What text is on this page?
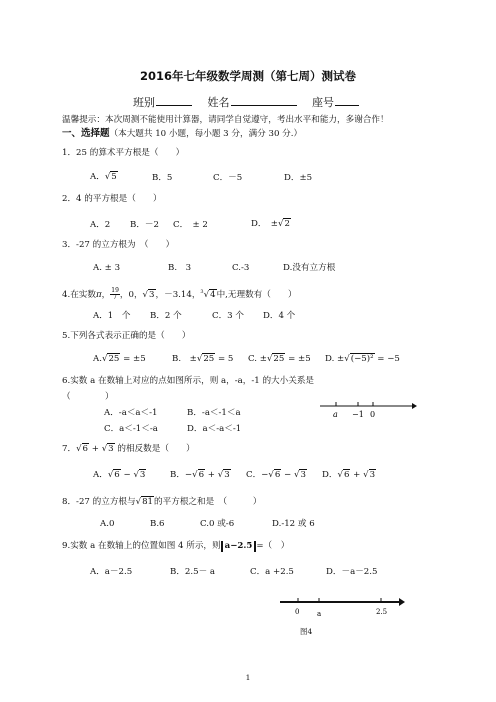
2016年七年级数学周测（第七周）测试卷
班别	姓名	座号
温馨提示：本次周测不能使用计算器，请同学自觉遵守，考出水平和能力，多谢合作！
一、选择题（本大题共 10 小题，每小题 3 分，满分 30 分.）
1．25 的算术平方根是（　　）
A．√5	B．5	C．－5	D．±5
2．4 的平方根是（　　）
A．2 B．－2 C．　± 2	D．　±√2
3．-27 的立方根为　（　　）
A. ± 3	B.　3	C.-3	D.没有立方根
4.在实数π， $\frac{19}{7}$ ，0，√3，－3.14，$^3$√4中,无理数有（　　）
A．1　个 B．2 个	C．3 个 D．4 个
5.下列各式表示正确的是（　　）
A.√25 = ±5	B.　±√25 = 5 C. ±√25 = ±5 D. ±√(−5)² = −5
6.实数 a 在数轴上对应的点如图所示，则 a，-a，-1 的大小关系是
（　　　　）
A．-a＜a＜-1	B．-a＜-1＜a
C．a＜-1＜-a	D．a＜-a＜-1
a −1 0
7．√6 + √3 的相反数是（　　）
A．√6 − √3	B．−√6 + √3 C．−√6 − √3 D．√6 + √3
8．-27 的立方根与√81的平方根之和是　（　　　）
A.0	B.6	C.0 或-6	D.-12 或 6
9.实数 a 在数轴上的位置如图 4 所示，则 a−2.5 =（　）
A．a－2.5	B．2.5－ a	C．a +2.5	D．－a－2.5
0	a	2.5
图4
1
